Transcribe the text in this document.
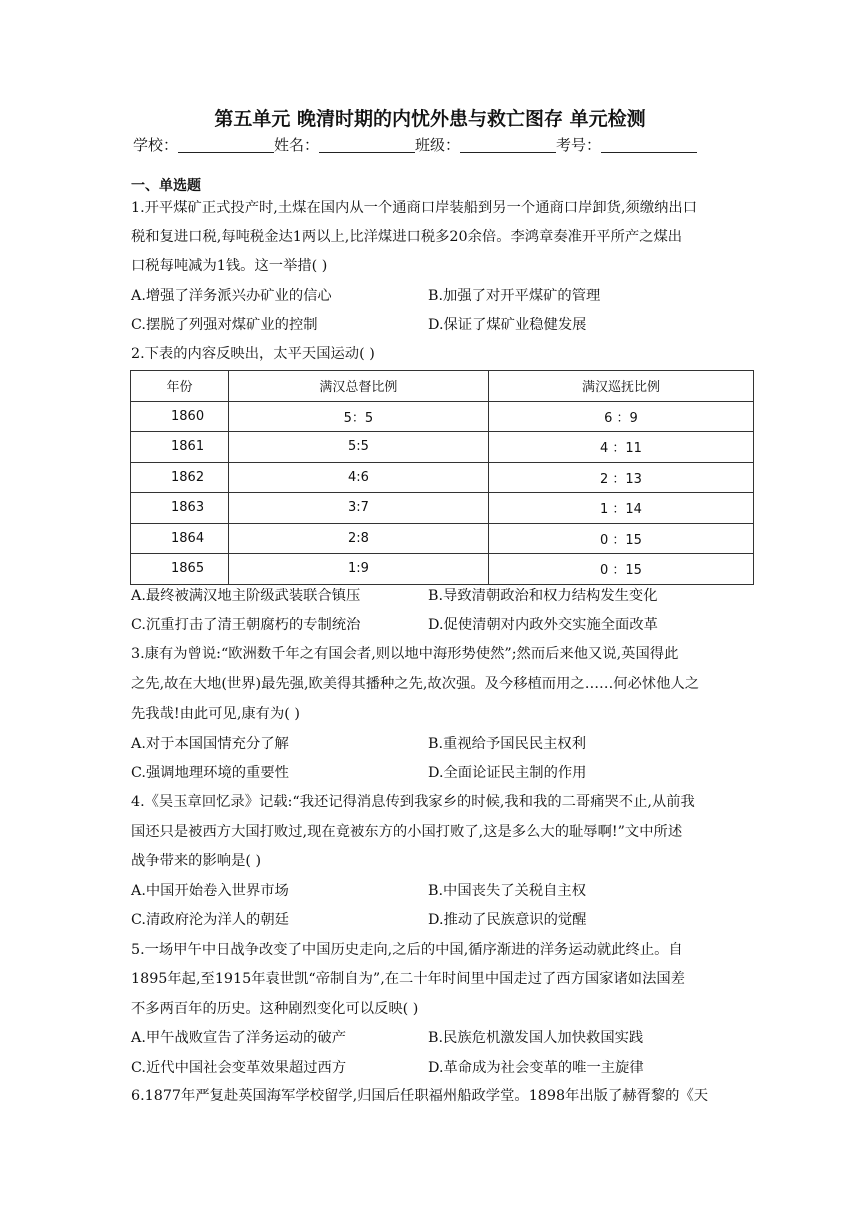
第五单元 晚清时期的内忧外患与救亡图存 单元检测
学校：	姓名：	班级：	考号：
一、单选题
1.开平煤矿正式投产时,土煤在国内从一个通商口岸装船到另一个通商口岸卸货,须缴纳出口
税和复进口税,每吨税金达1两以上,比洋煤进口税多20余倍。李鸿章奏准开平所产之煤出
口税每吨减为1钱。这一举措( )
A.增强了洋务派兴办矿业的信心	B.加强了对开平煤矿的管理
C.摆脱了列强对煤矿业的控制	D.保证了煤矿业稳健发展
2.下表的内容反映出，太平天国运动( )
年份	满汉总督比例	满汉巡抚比例
1860	5：5	6 ：9
1861	5:5	4 ：11
1862	4:6	2 ：13
1863	3:7	1 ：14
1864	2:8	0 ：15
1865	1:9	0 ：15
A.最终被满汉地主阶级武装联合镇压	B.导致清朝政治和权力结构发生变化
C.沉重打击了清王朝腐朽的专制统治	D.促使清朝对内政外交实施全面改革
3.康有为曾说:“欧洲数千年之有国会者,则以地中海形势使然”;然而后来他又说,英国得此
之先,故在大地(世界)最先强,欧美得其播种之先,故次强。及今移植而用之……何必怵他人之
先我哉!由此可见,康有为( )
A.对于本国国情充分了解	B.重视给予国民民主权利
C.强调地理环境的重要性	D.全面论证民主制的作用
4.《吴玉章回忆录》记载:“我还记得消息传到我家乡的时候,我和我的二哥痛哭不止,从前我
国还只是被西方大国打败过,现在竟被东方的小国打败了,这是多么大的耻辱啊!”文中所述
战争带来的影响是( )
A.中国开始卷入世界市场	B.中国丧失了关税自主权
C.清政府沦为洋人的朝廷	D.推动了民族意识的觉醒
5.一场甲午中日战争改变了中国历史走向,之后的中国,循序渐进的洋务运动就此终止。自
1895年起,至1915年袁世凯“帝制自为”,在二十年时间里中国走过了西方国家诸如法国差
不多两百年的历史。这种剧烈变化可以反映( )
A.甲午战败宣告了洋务运动的破产	B.民族危机激发国人加快救国实践
C.近代中国社会变革效果超过西方	D.革命成为社会变革的唯一主旋律
6.1877年严复赴英国海军学校留学,归国后任职福州船政学堂。1898年出版了赫胥黎的《天
